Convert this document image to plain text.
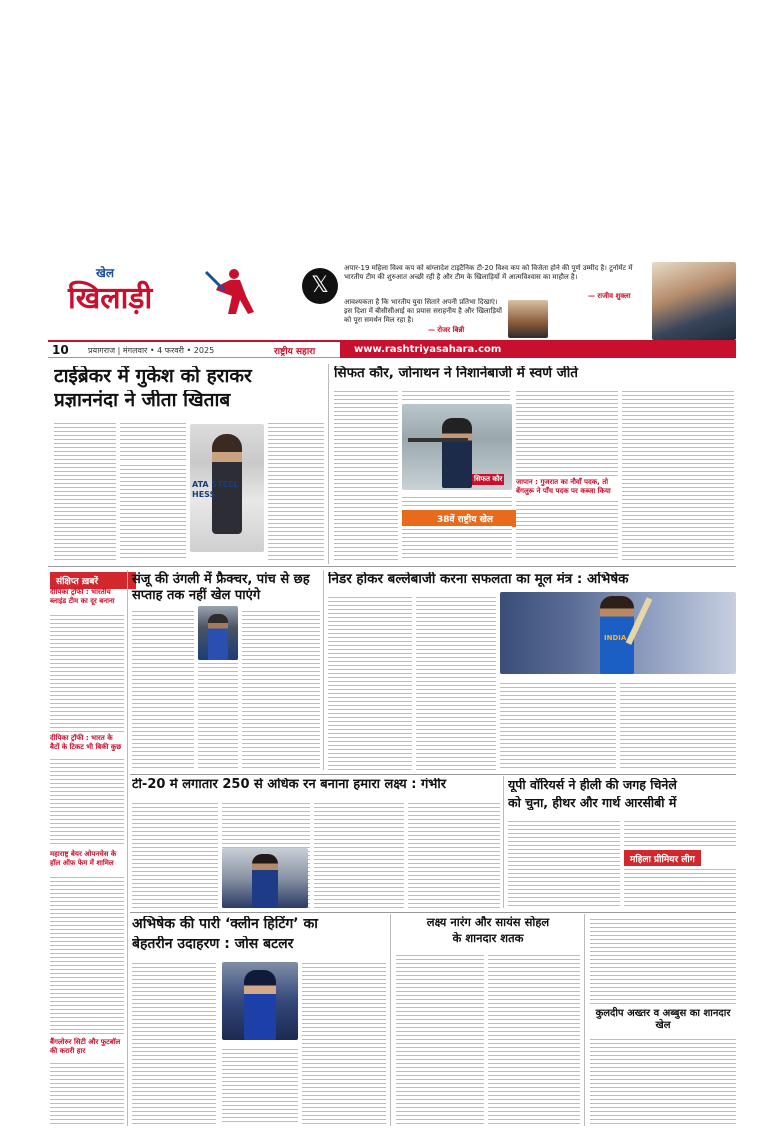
खेल
खिलाड़ी	𝕏
अपार-19 महिला विश्व कप को बांग्लादेश टाइटैनिक टी-20 विश्व कप को विजेता होने की पूर्ण उम्मीद है। टूर्नामेंट में भारतीय टीम की शुरुआत अच्छी रही है और टीम के खिलाड़ियों में आत्मविश्वास का माहौल है।
— राजीव शुक्ला
आवश्यकता है कि भारतीय युवा सितारे अपनी प्रतिभा दिखाएं। इस दिशा में बीसीसीआई का प्रयास सराहनीय है और खिलाड़ियों को पूरा समर्थन मिल रहा है।
— रोजर बिन्नी
10 प्रयागराज | मंगलवार • 4 फरवरी • 2025	राष्ट्रीय सहारा	www.rashtriyasahara.com
टाईब्रेकर में गुकेश को हराकर
प्रज्ञाननंदा ने जीता खिताब
ATA STEEL HESS
सिफत कौर, जोनाथन ने निशानेबाजी में स्वर्ण जीते
सिफत कौर
38वें राष्ट्रीय खेल
जापान : गुजरात का नौवाँ पदक, तो बेंगलुरू ने पाँच पदक पर कब्जा किया
संक्षिप्त ख़बरें
दीपिका ट्रॉफी : भारतीय ब्लाइंड टीम का दूर बनाना
दीपिका ट्रॉफी : भारत के बैटों के टिकट भी बिकी कुछ
महाराष्ट्र बेयर ओपनचेस के हॉल ऑफ़ फेम में शामिल
बैंगलोरुर सिटी और फुटबॉल की करारी हार
संजू की उंगली में फ्रैक्चर, पांच से छह सप्ताह तक नहीं खेल पाएंगे
निडर होकर बल्लेबाजी करना सफलता का मूल मंत्र : अभिषेक
INDIA
टी-20 में लगातार 250 से अधिक रन बनाना हमारा लक्ष्य : गंभीर	यूपी वॉरियर्स ने हीली की जगह चिनेले
को चुना, हीथर और गार्थ आरसीबी में
महिला प्रीमियर लीग
अभिषेक की पारी ‘क्लीन हिटिंग’ का
बेहतरीन उदाहरण : जोस बटलर
लक्ष्य नारंग और सायंस सोहल
के शानदार शतक
कुलदीप अख्तर व अब्बुस का शानदार खेल
